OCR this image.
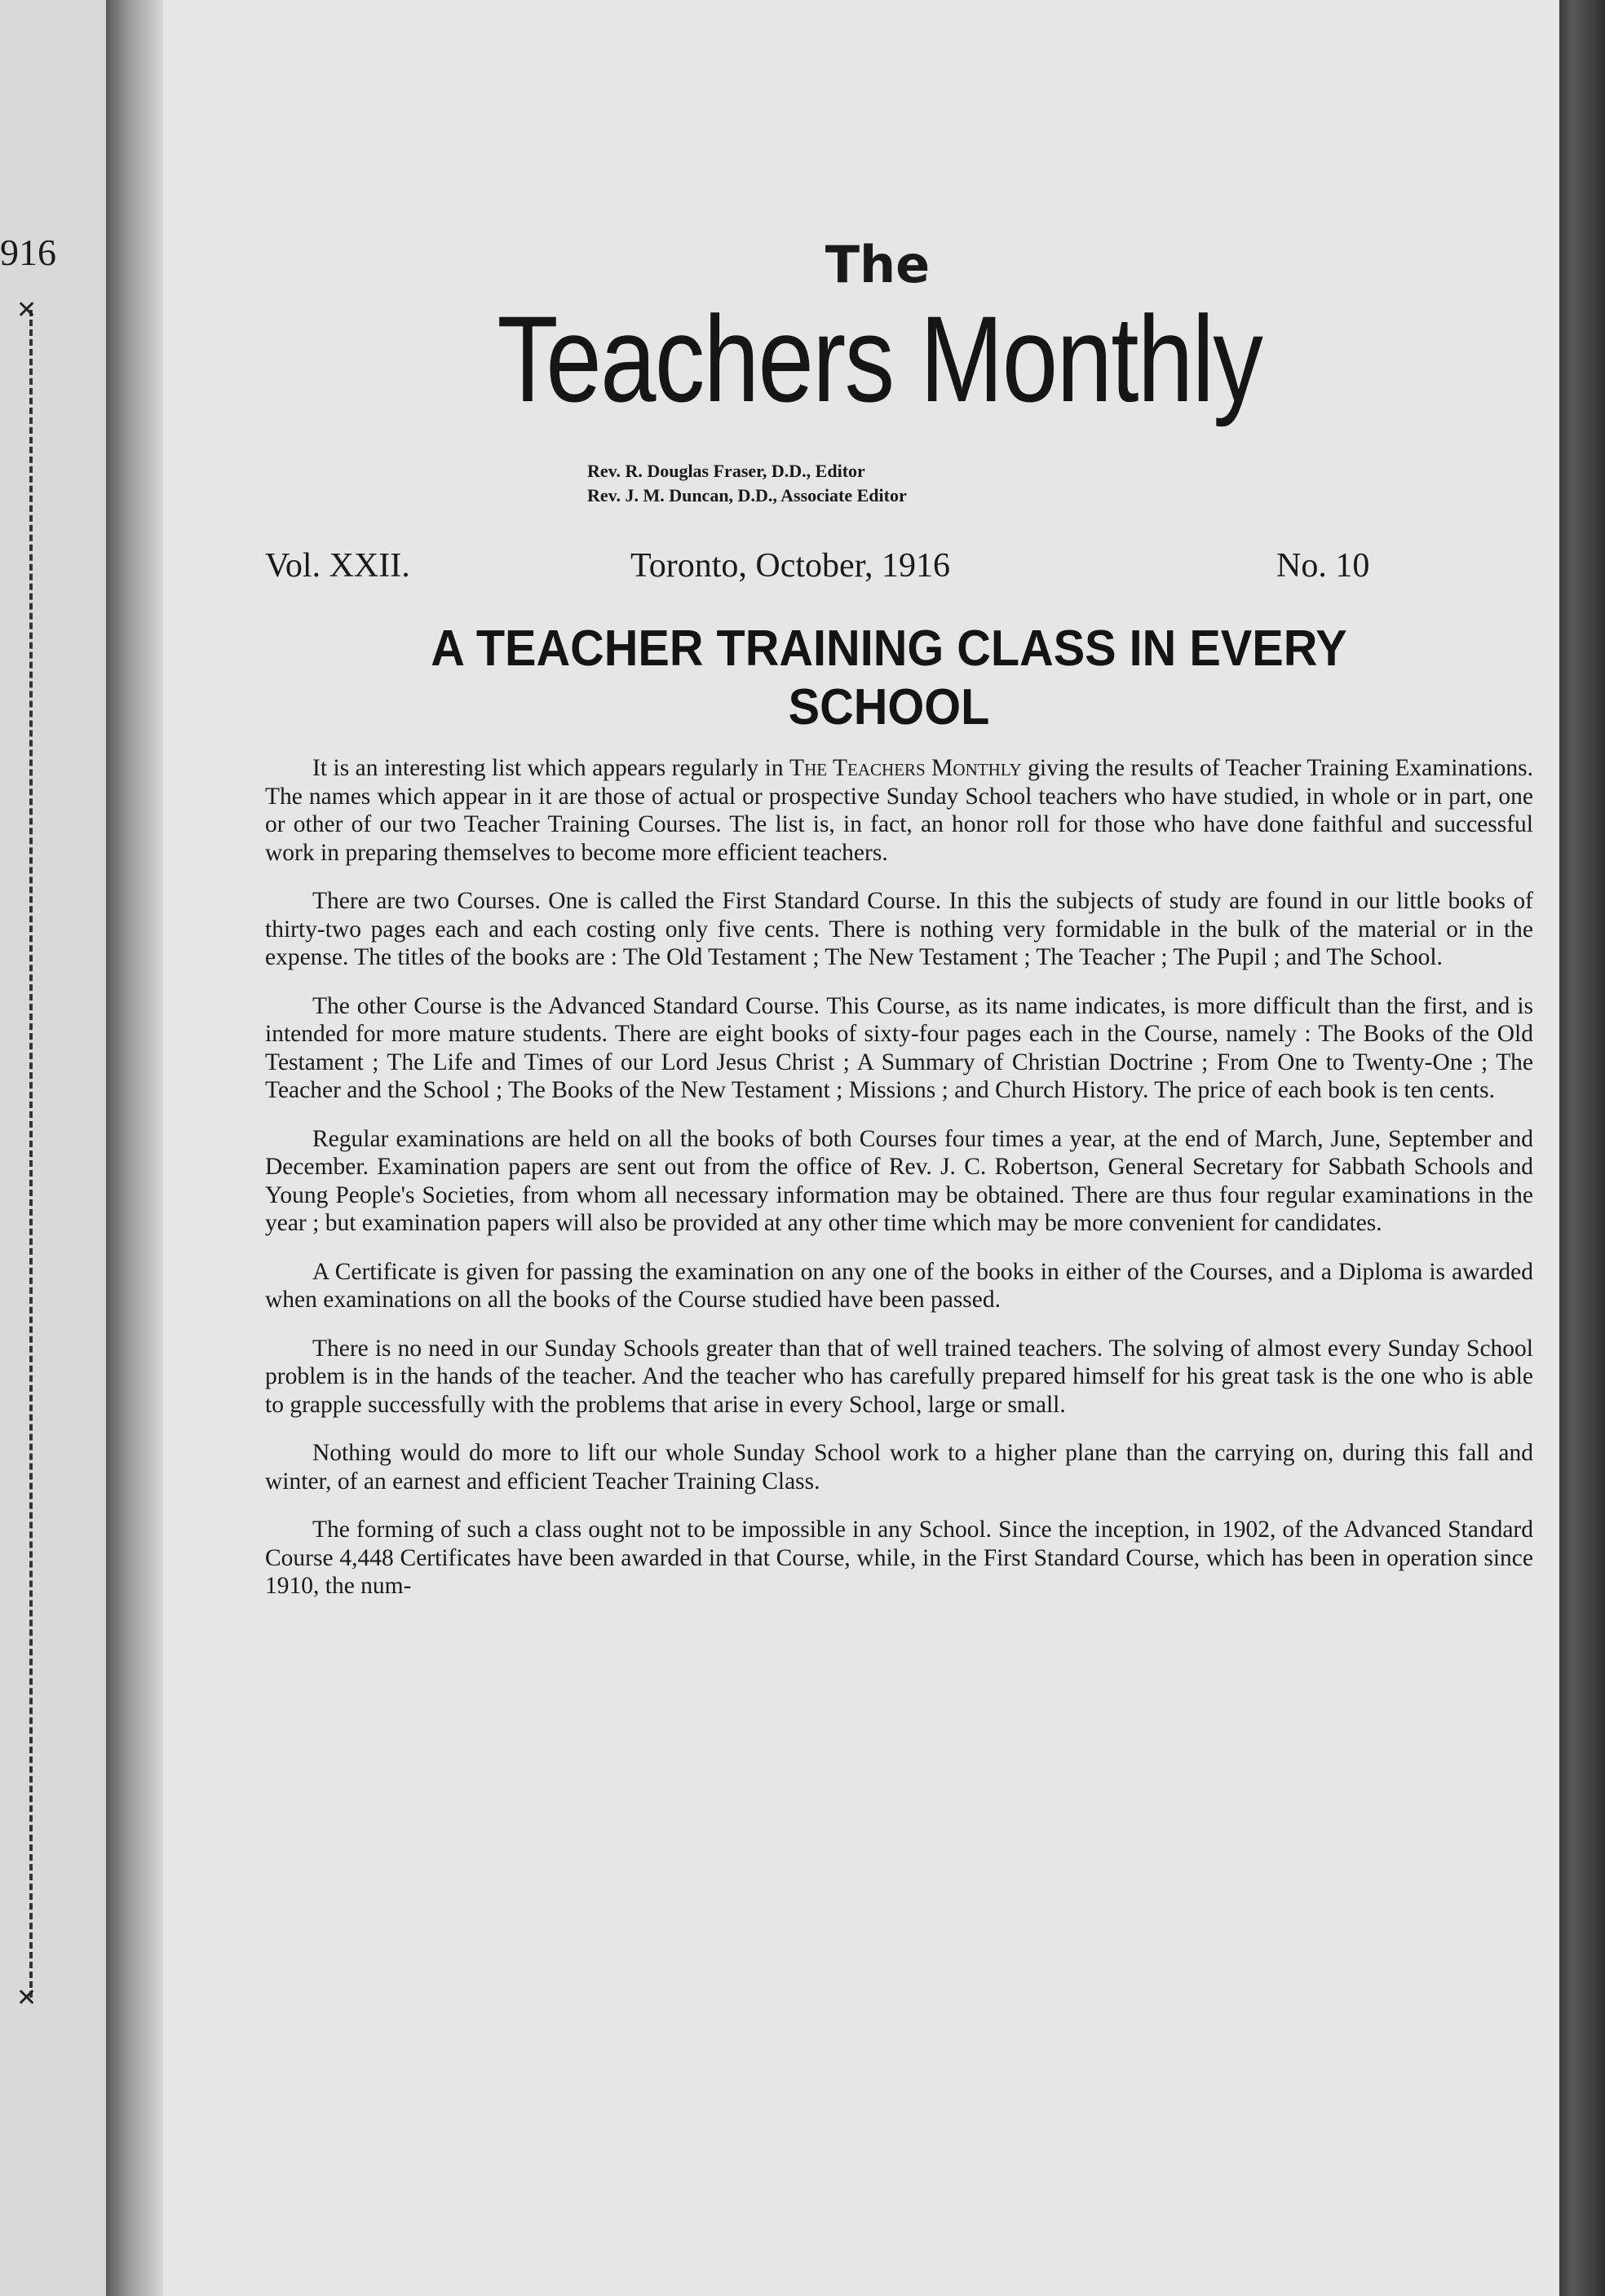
916
✕
✕
The
Teachers Monthly
Rev. R. Douglas Fraser, D.D., Editor
Rev. J. M. Duncan, D.D., Associate Editor
Vol. XXII.	Toronto, October, 1916	No. 10
A TEACHER TRAINING CLASS IN EVERY
SCHOOL

It is an interesting list which appears regularly in The Teachers Monthly giving the results of Teacher Training Examinations. The names which appear in it are those of actual or prospective Sunday School teachers who have studied, in whole or in part, one or other of our two Teacher Training Courses. The list is, in fact, an honor roll for those who have done faithful and successful work in preparing themselves to become more efficient teachers.

There are two Courses. One is called the First Standard Course. In this the subjects of study are found in our little books of thirty-two pages each and each costing only five cents. There is nothing very formidable in the bulk of the material or in the expense. The titles of the books are : The Old Testament ; The New Testament ; The Teacher ; The Pupil ; and The School.

The other Course is the Advanced Standard Course. This Course, as its name indicates, is more difficult than the first, and is intended for more mature students. There are eight books of sixty-four pages each in the Course, namely : The Books of the Old Testament ; The Life and Times of our Lord Jesus Christ ; A Summary of Christian Doctrine ; From One to Twenty-One ; The Teacher and the School ; The Books of the New Testament ; Missions ; and Church History. The price of each book is ten cents.

Regular examinations are held on all the books of both Courses four times a year, at the end of March, June, September and December. Examination papers are sent out from the office of Rev. J. C. Robertson, General Secretary for Sabbath Schools and Young People's Societies, from whom all necessary information may be obtained. There are thus four regular examinations in the year ; but examination papers will also be provided at any other time which may be more convenient for candidates.

A Certificate is given for passing the examination on any one of the books in either of the Courses, and a Diploma is awarded when examinations on all the books of the Course studied have been passed.

There is no need in our Sunday Schools greater than that of well trained teachers. The solving of almost every Sunday School problem is in the hands of the teacher. And the teacher who has carefully prepared himself for his great task is the one who is able to grapple successfully with the problems that arise in every School, large or small.

Nothing would do more to lift our whole Sunday School work to a higher plane than the carrying on, during this fall and winter, of an earnest and efficient Teacher Training Class.

The forming of such a class ought not to be impossible in any School. Since the inception, in 1902, of the Advanced Standard Course 4,448 Certificates have been awarded in that Course, while, in the First Standard Course, which has been in operation since 1910, the num-
